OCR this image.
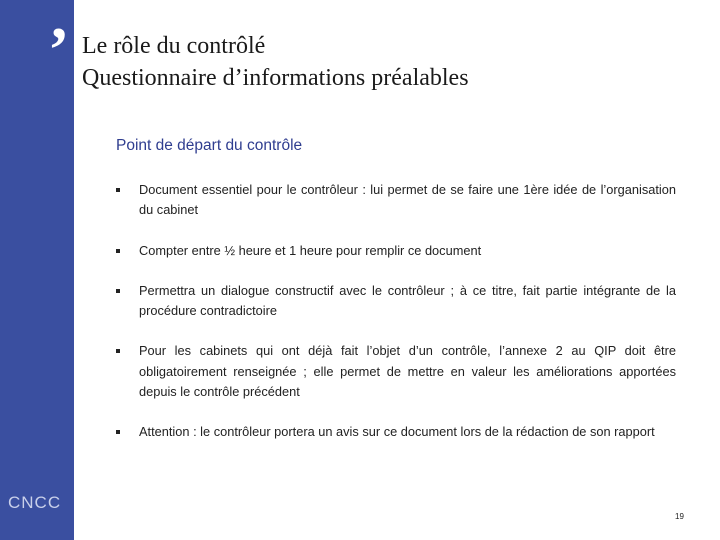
’
CNCC
Le rôle du contrôlé
Questionnaire d’informations préalables
Point de départ du contrôle
Document essentiel pour le contrôleur : lui permet de se faire une 1ère idée de l’organisation du cabinet
Compter entre ½ heure et 1 heure pour remplir ce document
Permettra un dialogue constructif avec le contrôleur ; à ce titre, fait partie intégrante de la procédure contradictoire
Pour les cabinets qui ont déjà fait l’objet d’un contrôle, l’annexe 2 au QIP doit être obligatoirement renseignée ; elle permet de mettre en valeur les améliorations apportées depuis le contrôle précédent
Attention : le contrôleur portera un avis sur ce document lors de la rédaction de son rapport
19
